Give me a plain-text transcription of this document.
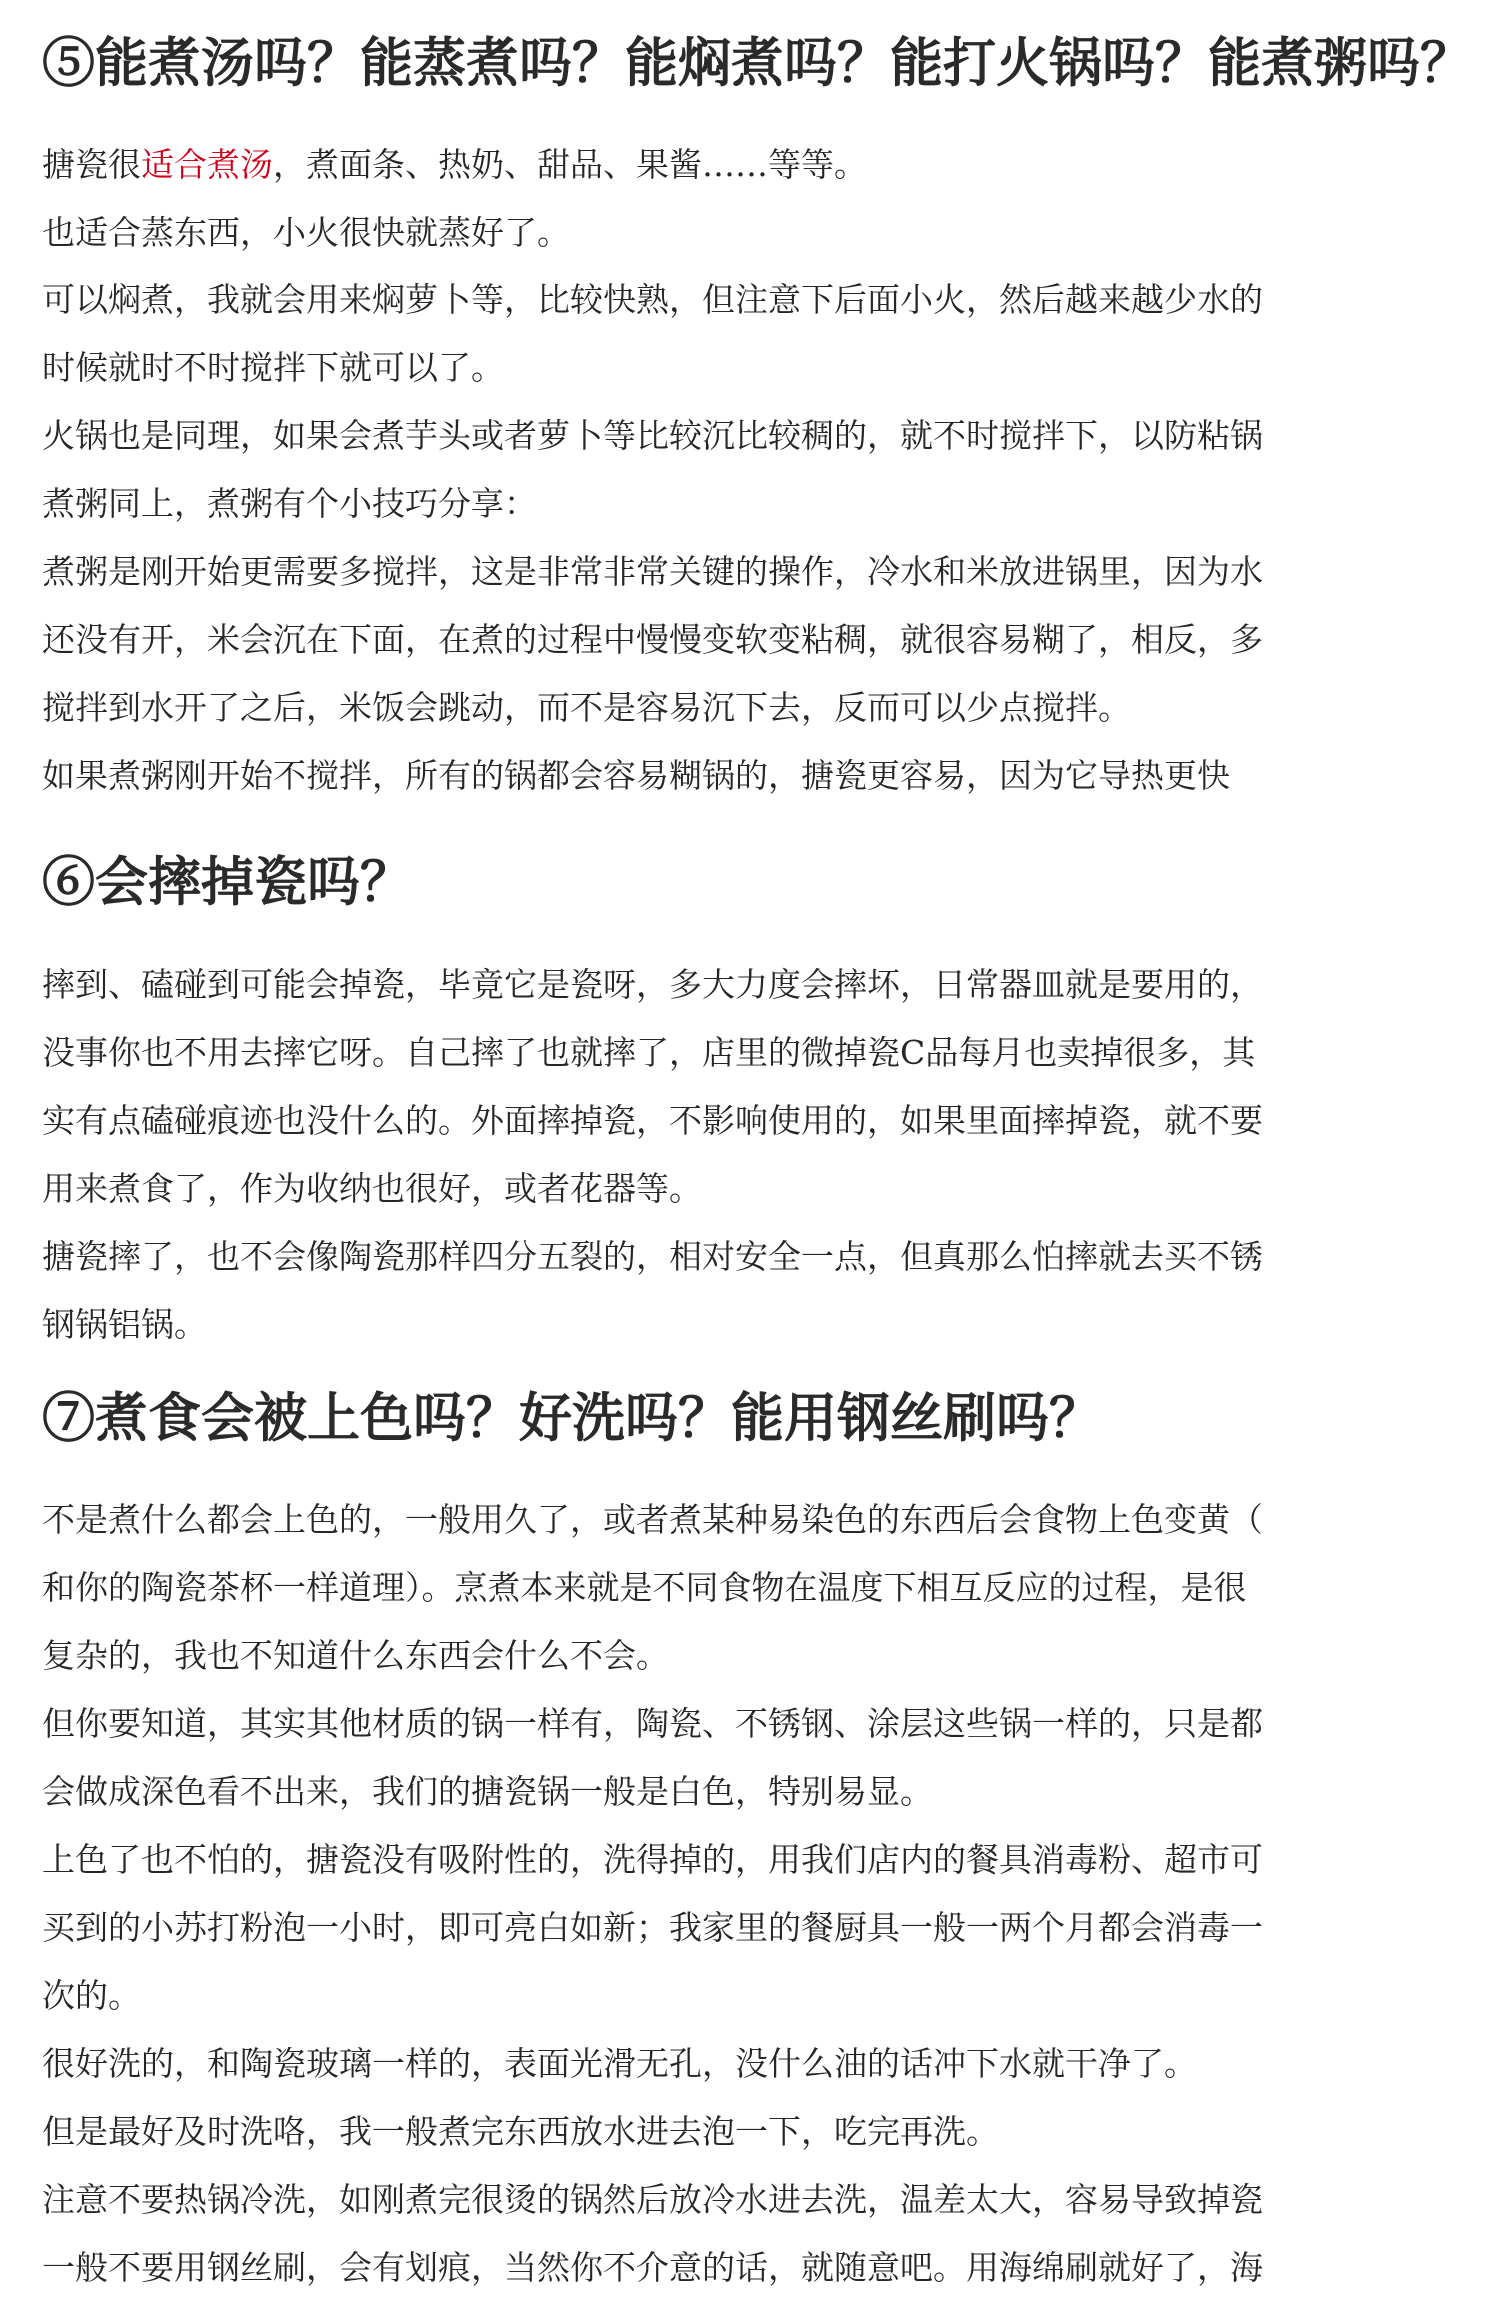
⑤能煮汤吗？能蒸煮吗？能焖煮吗？能打火锅吗？能煮粥吗？

搪瓷很适合煮汤，煮面条、热奶、甜品、果酱……等等。

也适合蒸东西，小火很快就蒸好了。

可以焖煮，我就会用来焖萝卜等，比较快熟，但注意下后面小火，然后越来越少水的
时候就时不时搅拌下就可以了。

火锅也是同理，如果会煮芋头或者萝卜等比较沉比较稠的，就不时搅拌下，以防粘锅

煮粥同上，煮粥有个小技巧分享：

煮粥是刚开始更需要多搅拌，这是非常非常关键的操作，冷水和米放进锅里，因为水
还没有开，米会沉在下面，在煮的过程中慢慢变软变粘稠，就很容易糊了，相反，多
搅拌到水开了之后，米饭会跳动，而不是容易沉下去，反而可以少点搅拌。

如果煮粥刚开始不搅拌，所有的锅都会容易糊锅的，搪瓷更容易，因为它导热更快

⑥会摔掉瓷吗？

摔到、磕碰到可能会掉瓷，毕竟它是瓷呀，多大力度会摔坏，日常器皿就是要用的，
没事你也不用去摔它呀。自己摔了也就摔了，店里的微掉瓷C品每月也卖掉很多，其
实有点磕碰痕迹也没什么的。外面摔掉瓷，不影响使用的，如果里面摔掉瓷，就不要
用来煮食了，作为收纳也很好，或者花器等。

搪瓷摔了，也不会像陶瓷那样四分五裂的，相对安全一点，但真那么怕摔就去买不锈
钢锅铝锅。

⑦煮食会被上色吗？好洗吗？能用钢丝刷吗？

不是煮什么都会上色的，一般用久了，或者煮某种易染色的东西后会食物上色变黄（
和你的陶瓷茶杯一样道理）。烹煮本来就是不同食物在温度下相互反应的过程，是很
复杂的，我也不知道什么东西会什么不会。

但你要知道，其实其他材质的锅一样有，陶瓷、不锈钢、涂层这些锅一样的，只是都
会做成深色看不出来，我们的搪瓷锅一般是白色，特别易显。

上色了也不怕的，搪瓷没有吸附性的，洗得掉的，用我们店内的餐具消毒粉、超市可
买到的小苏打粉泡一小时，即可亮白如新；我家里的餐厨具一般一两个月都会消毒一
次的。

很好洗的，和陶瓷玻璃一样的，表面光滑无孔，没什么油的话冲下水就干净了。

但是最好及时洗咯，我一般煮完东西放水进去泡一下，吃完再洗。

注意不要热锅冷洗，如刚煮完很烫的锅然后放冷水进去洗，温差太大，容易导致掉瓷

一般不要用钢丝刷，会有划痕，当然你不介意的话，就随意吧。用海绵刷就好了，海
